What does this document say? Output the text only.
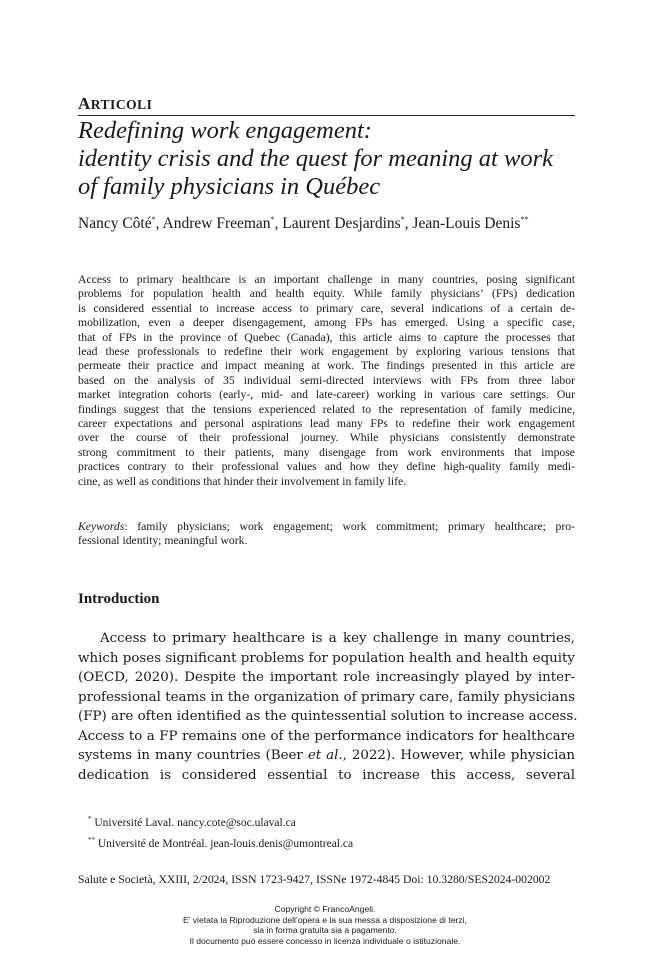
ARTICOLI
Redefining work engagement:
identity crisis and the quest for meaning at work
of family physicians in Québec
Nancy Côté*, Andrew Freeman*, Laurent Desjardins*, Jean-Louis Denis**

Access to primary healthcare is an important challenge in many countries, posing significant
problems for population health and health equity. While family physicians’ (FPs) dedication
is considered essential to increase access to primary care, several indications of a certain de-
mobilization, even a deeper disengagement, among FPs has emerged. Using a specific case,
that of FPs in the province of Quebec (Canada), this article aims to capture the processes that
lead these professionals to redefine their work engagement by exploring various tensions that
permeate their practice and impact meaning at work. The findings presented in this article are
based on the analysis of 35 individual semi-directed interviews with FPs from three labor
market integration cohorts (early-, mid- and late-career) working in various care settings. Our
findings suggest that the tensions experienced related to the representation of family medicine,
career expectations and personal aspirations lead many FPs to redefine their work engagement
over the course of their professional journey. While physicians consistently demonstrate
strong commitment to their patients, many disengage from work environments that impose
practices contrary to their professional values and how they define high-quality family medi-
cine, as well as conditions that hinder their involvement in family life.

Keywords: family physicians; work engagement; work commitment; primary healthcare; pro-
fessional identity; meaningful work.

Introduction

Access to primary healthcare is a key challenge in many countries,
which poses significant problems for population health and health equity
(OECD, 2020). Despite the important role increasingly played by inter-
professional teams in the organization of primary care, family physicians
(FP) are often identified as the quintessential solution to increase access.
Access to a FP remains one of the performance indicators for healthcare
systems in many countries (Beer et al., 2022). However, while physician
dedication is considered essential to increase this access, several

* Université Laval. nancy.cote@soc.ulaval.ca
** Université de Montréal. jean-louis.denis@umontreal.ca
Salute e Società, XXIII, 2/2024, ISSN 1723-9427, ISSNe 1972-4845 Doi: 10.3280/SES2024-002002
Copyright © FrancoAngeli.
E’ vietata la Riproduzione dell’opera e la sua messa a disposizione di terzi,
sia in forma gratuita sia a pagamento.
Il documento può essere concesso in licenza individuale o istituzionale.
